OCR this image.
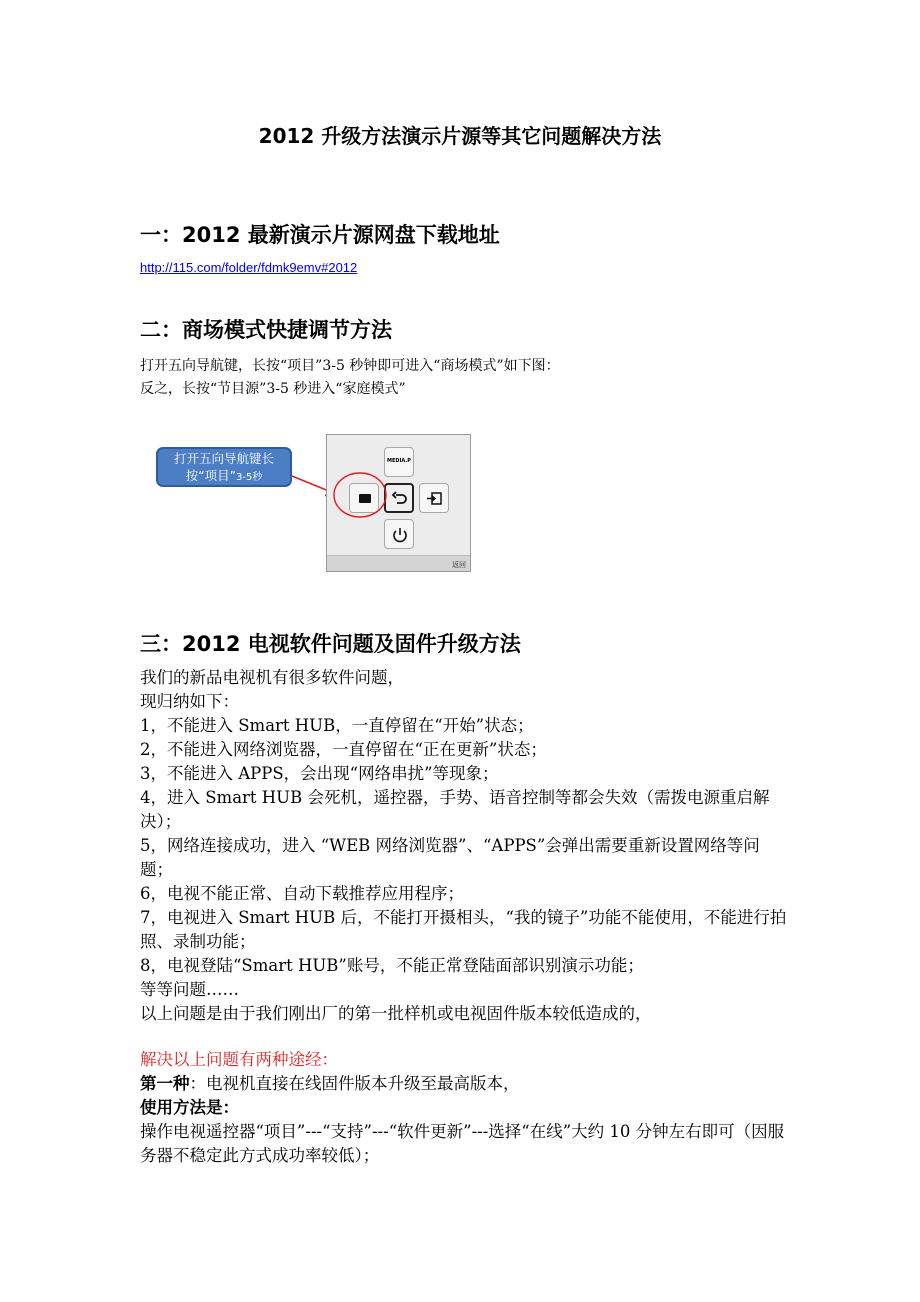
2012 升级方法演示片源等其它问题解决方法
一：2012 最新演示片源网盘下载地址
http://115.com/folder/fdmk9emv#2012
二：商场模式快捷调节方法
打开五向导航键，长按“项目”3-5 秒钟即可进入“商场模式”如下图：
反之，长按“节目源”3-5 秒进入“家庭模式”
打开五向导航键长
按“项目”3-5秒
MEDIA.P
返回
三：2012 电视软件问题及固件升级方法

我们的新品电视机有很多软件问题，

现归纳如下：

1，不能进入 Smart HUB，一直停留在“开始”状态；

2，不能进入网络浏览器，一直停留在“正在更新”状态；

3，不能进入 APPS，会出现“网络串扰”等现象；

4，进入 Smart HUB 会死机，遥控器，手势、语音控制等都会失效（需拨电源重启解决）；

5，网络连接成功，进入 “WEB 网络浏览器”、“APPS”会弹出需要重新设置网络等问题；

6，电视不能正常、自动下载推荐应用程序；

7，电视进入 Smart HUB 后，不能打开摄相头，“我的镜子”功能不能使用，不能进行拍照、录制功能；

8，电视登陆“Smart HUB”账号，不能正常登陆面部识别演示功能；

等等问题……

以上问题是由于我们刚出厂的第一批样机或电视固件版本较低造成的，

解决以上问题有两种途经：

第一种：电视机直接在线固件版本升级至最高版本，

使用方法是：

操作电视遥控器“项目”---“支持”---“软件更新”---选择“在线”大约 10 分钟左右即可（因服务器不稳定此方式成功率较低）；
